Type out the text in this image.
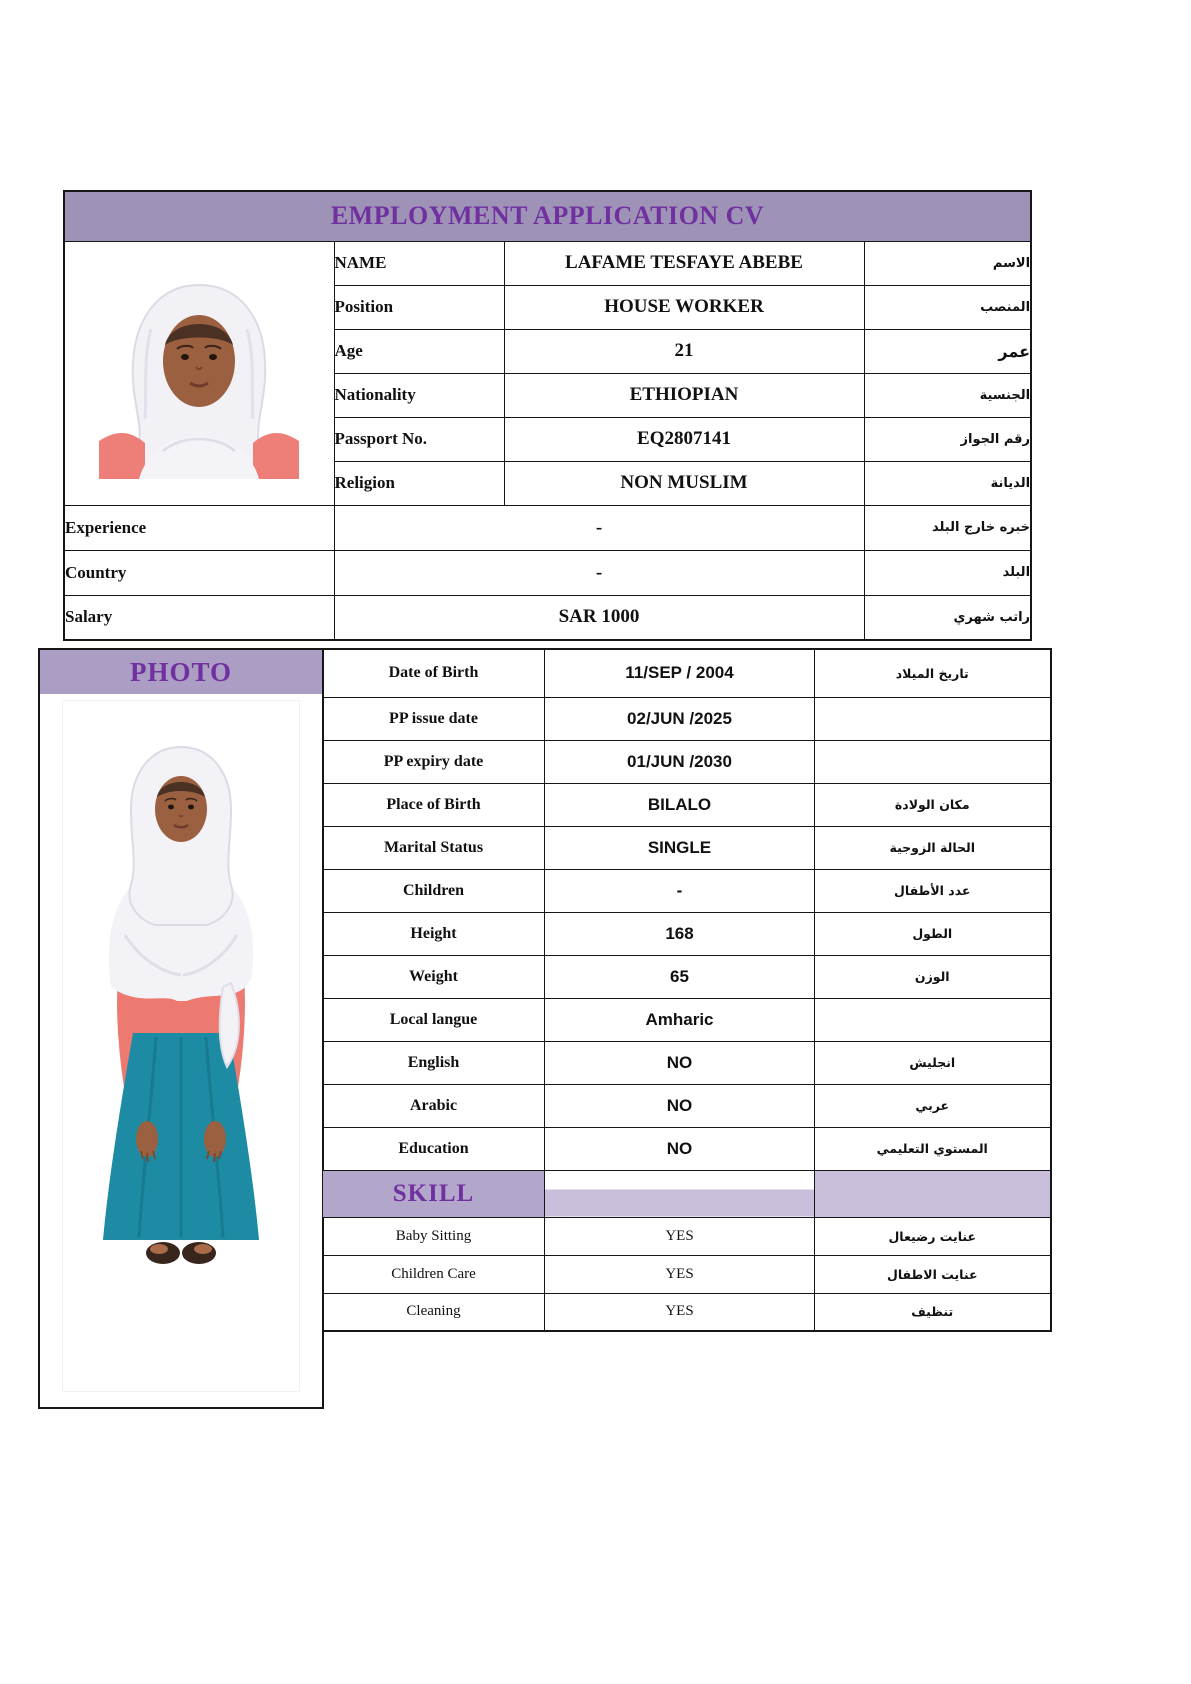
EMPLOYMENT APPLICATION CV			

	NAME	LAFAME TESFAYE ABEBE	الاسم
	Position	HOUSE WORKER	المنصب
	Age	21	عمر
	Nationality	ETHIOPIAN	الجنسية
	Passport No.	EQ2807141	رقم الجواز
	Religion	NON MUSLIM	الديانة
Experience	-		خبره خارج البلد
Country	-		البلد
Salary	SAR 1000		راتب شهري
PHOTO	Date of Birth	11/SEP / 2004	تاريخ الميلاد
PP issue date	02/JUN /2025	
PP expiry date	01/JUN /2030	
Place of Birth	BILALO	مكان الولادة
Marital Status	SINGLE	الحالة الزوجية
Children	-	عدد الأطفال
Height	168	الطول
Weight	65	الوزن
Local langue	Amharic	
English	NO	انجليش
Arabic	NO	عربي
Education	NO	المستوي التعليمي
SKILL		
Baby Sitting	YES	عنايت رضيعال
Children Care	YES	عنايت الاطفال
Cleaning	YES	تنظيف
